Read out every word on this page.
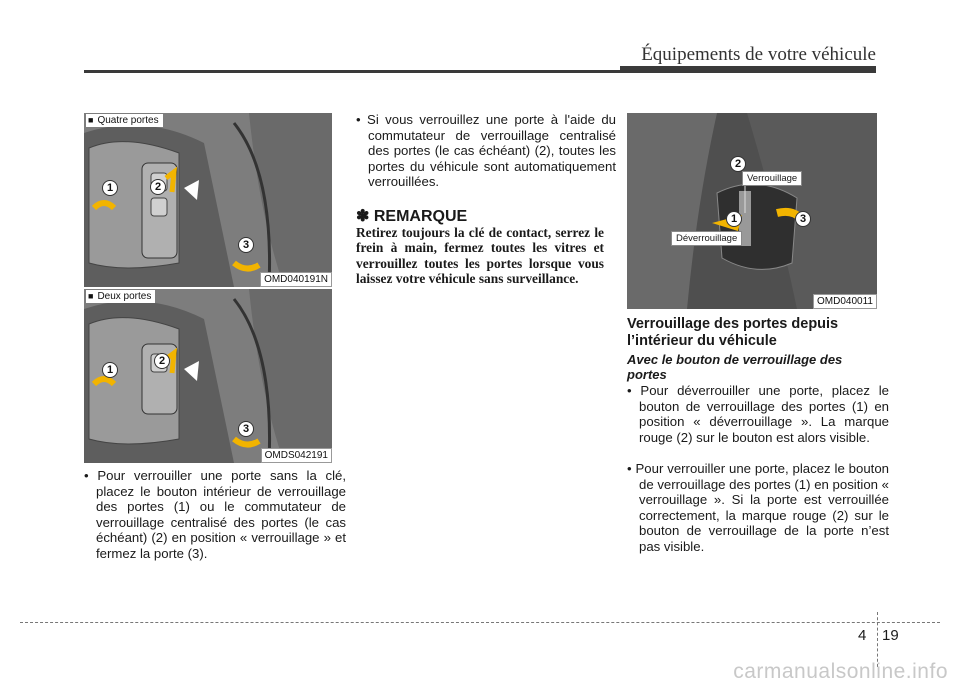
Équipements de votre véhicule
■ Quatre portes
1	2
3
OMD040191N
■ Deux portes
1
2
3
OMDS042191
• Pour verrouiller une porte sans la clé, placez le bouton intérieur de verrouillage des portes (1) ou le commutateur de verrouillage centralisé des portes (le cas échéant) (2) en position « verrouillage » et fermez la porte (3).
• Si vous verrouillez une porte à l'aide du commutateur de verrouillage centralisé des portes (le cas échéant) (2), toutes les portes du véhicule sont automatiquement verrouillées.
✽ REMARQUE
Retirez toujours la clé de contact, serrez le frein à main, fermez toutes les vitres et verrouillez toutes les portes lorsque vous laissez votre véhicule sans surveillance.
2
1	3
Verrouillage
Déverrouillage
OMD040011
Verrouillage des portes depuis l’intérieur du véhicule
Avec le bouton de verrouillage des portes
• Pour déverrouiller une porte, placez le bouton de verrouillage des portes (1) en position « déverrouillage ». La marque rouge (2) sur le bouton est alors visible.
• Pour verrouiller une porte, placez le bouton de verrouillage des portes (1) en position « verrouillage ». Si la porte est verrouillée correctement, la marque rouge (2) sur le bouton de verrouillage de la porte n’est pas visible.
4 19
carmanualsonline.info
